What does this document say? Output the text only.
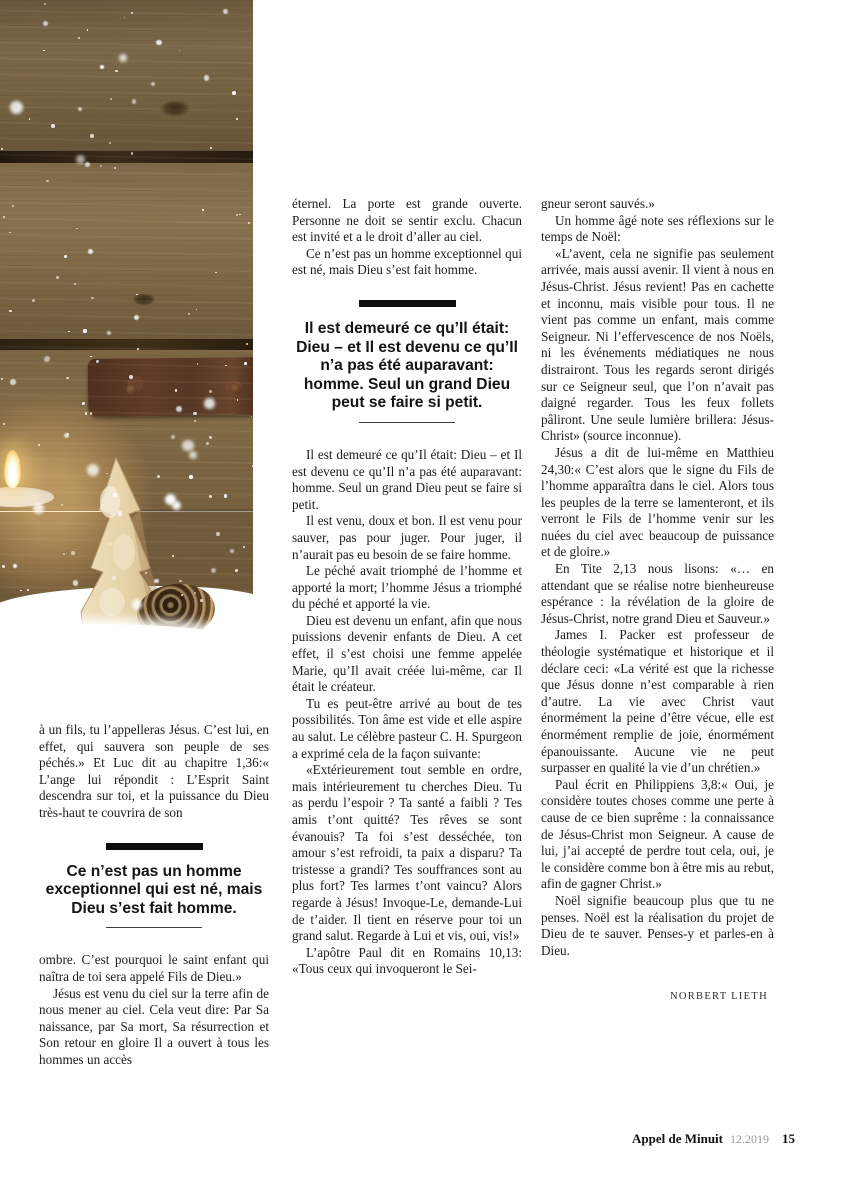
à un fils, tu l’appelleras Jésus. C’est lui, en effet, qui sauvera son peuple de ses péchés.» Et Luc dit au chapitre 1,36:« L’ange lui répondit : L’Esprit Saint descendra sur toi, et la puissance du Dieu très-haut te couvrira de son

Ce n’est pas un homme exceptionnel qui est né, mais Dieu s’est fait homme.

ombre. C’est pourquoi le saint enfant qui naîtra de toi sera appelé Fils de Dieu.»

Jésus est venu du ciel sur la terre afin de nous mener au ciel. Cela veut dire: Par Sa naissance, par Sa mort, Sa résurrection et Son retour en gloire Il a ouvert à tous les hommes un accès

éternel. La porte est grande ouverte. Personne ne doit se sentir exclu. Chacun est invité et a le droit d’aller au ciel.

Ce n’est pas un homme exceptionnel qui est né, mais Dieu s’est fait homme.

Il est demeuré ce qu’Il était: Dieu – et Il est devenu ce qu’Il n’a pas été auparavant: homme. Seul un grand Dieu peut se faire si petit.

Il est demeuré ce qu’Il était: Dieu – et Il est devenu ce qu’Il n’a pas été auparavant: homme. Seul un grand Dieu peut se faire si petit.

Il est venu, doux et bon. Il est venu pour sauver, pas pour juger. Pour juger, il n’aurait pas eu besoin de se faire homme.

Le péché avait triomphé de l’homme et apporté la mort; l’homme Jésus a triomphé du péché et apporté la vie.

Dieu est devenu un enfant, afin que nous puissions devenir enfants de Dieu. A cet effet, il s’est choisi une femme appelée Marie, qu’Il avait créée lui-même, car Il était le créateur.

Tu es peut-être arrivé au bout de tes possibilités. Ton âme est vide et elle aspire au salut. Le célèbre pasteur C. H. Spurgeon a exprimé cela de la façon suivante:

«Extérieurement tout semble en ordre, mais intérieurement tu cherches Dieu. Tu as perdu l’espoir ? Ta santé a faibli ? Tes amis t’ont quitté? Tes rêves se sont évanouis? Ta foi s’est desséchée, ton amour s’est refroidi, ta paix a disparu? Ta tristesse a grandi? Tes souffrances sont au plus fort? Tes larmes t’ont vaincu? Alors regarde à Jésus! Invoque-Le, demande-Lui de t’aider. Il tient en réserve pour toi un grand salut. Regarde à Lui et vis, oui, vis!»

L’apôtre Paul dit en Romains 10,13: «Tous ceux qui invoqueront le Sei-

gneur seront sauvés.»

Un homme âgé note ses réflexions sur le temps de Noël:

«L’avent, cela ne signifie pas seulement arrivée, mais aussi avenir. Il vient à nous en Jésus-Christ. Jésus revient! Pas en cachette et inconnu, mais visible pour tous. Il ne vient pas comme un enfant, mais comme Seigneur. Ni l’effervescence de nos Noëls, ni les événements médiatiques ne nous distrairont. Tous les regards seront dirigés sur ce Seigneur seul, que l’on n’avait pas daigné regarder. Tous les feux follets pâliront. Une seule lumière brillera: Jésus-Christ» (source inconnue).

Jésus a dit de lui-même en Matthieu 24,30:« C’est alors que le signe du Fils de l’homme apparaîtra dans le ciel. Alors tous les peuples de la terre se lamenteront, et ils verront le Fils de l’homme venir sur les nuées du ciel avec beaucoup de puissance et de gloire.»

En Tite 2,13 nous lisons: «… en attendant que se réalise notre bienheureuse espérance : la révélation de la gloire de Jésus-Christ, notre grand Dieu et Sauveur.»

James I. Packer est professeur de théologie systématique et historique et il déclare ceci: «La vérité est que la richesse que Jésus donne n’est comparable à rien d’autre. La vie avec Christ vaut énormément la peine d’être vécue, elle est énormément remplie de joie, énormément épanouissante. Aucune vie ne peut surpasser en qualité la vie d’un chrétien.»

Paul écrit en Philippiens 3,8:« Oui, je considère toutes choses comme une perte à cause de ce bien suprême : la connaissance de Jésus-Christ mon Seigneur. A cause de lui, j’ai accepté de perdre tout cela, oui, je le considère comme bon à être mis au rebut, afin de gagner Christ.»

Noël signifie beaucoup plus que tu ne penses. Noël est la réalisation du projet de Dieu de te sauver. Penses-y et parles-en à Dieu.

NORBERT LIETH
Appel de Minuit 12.2019 15
